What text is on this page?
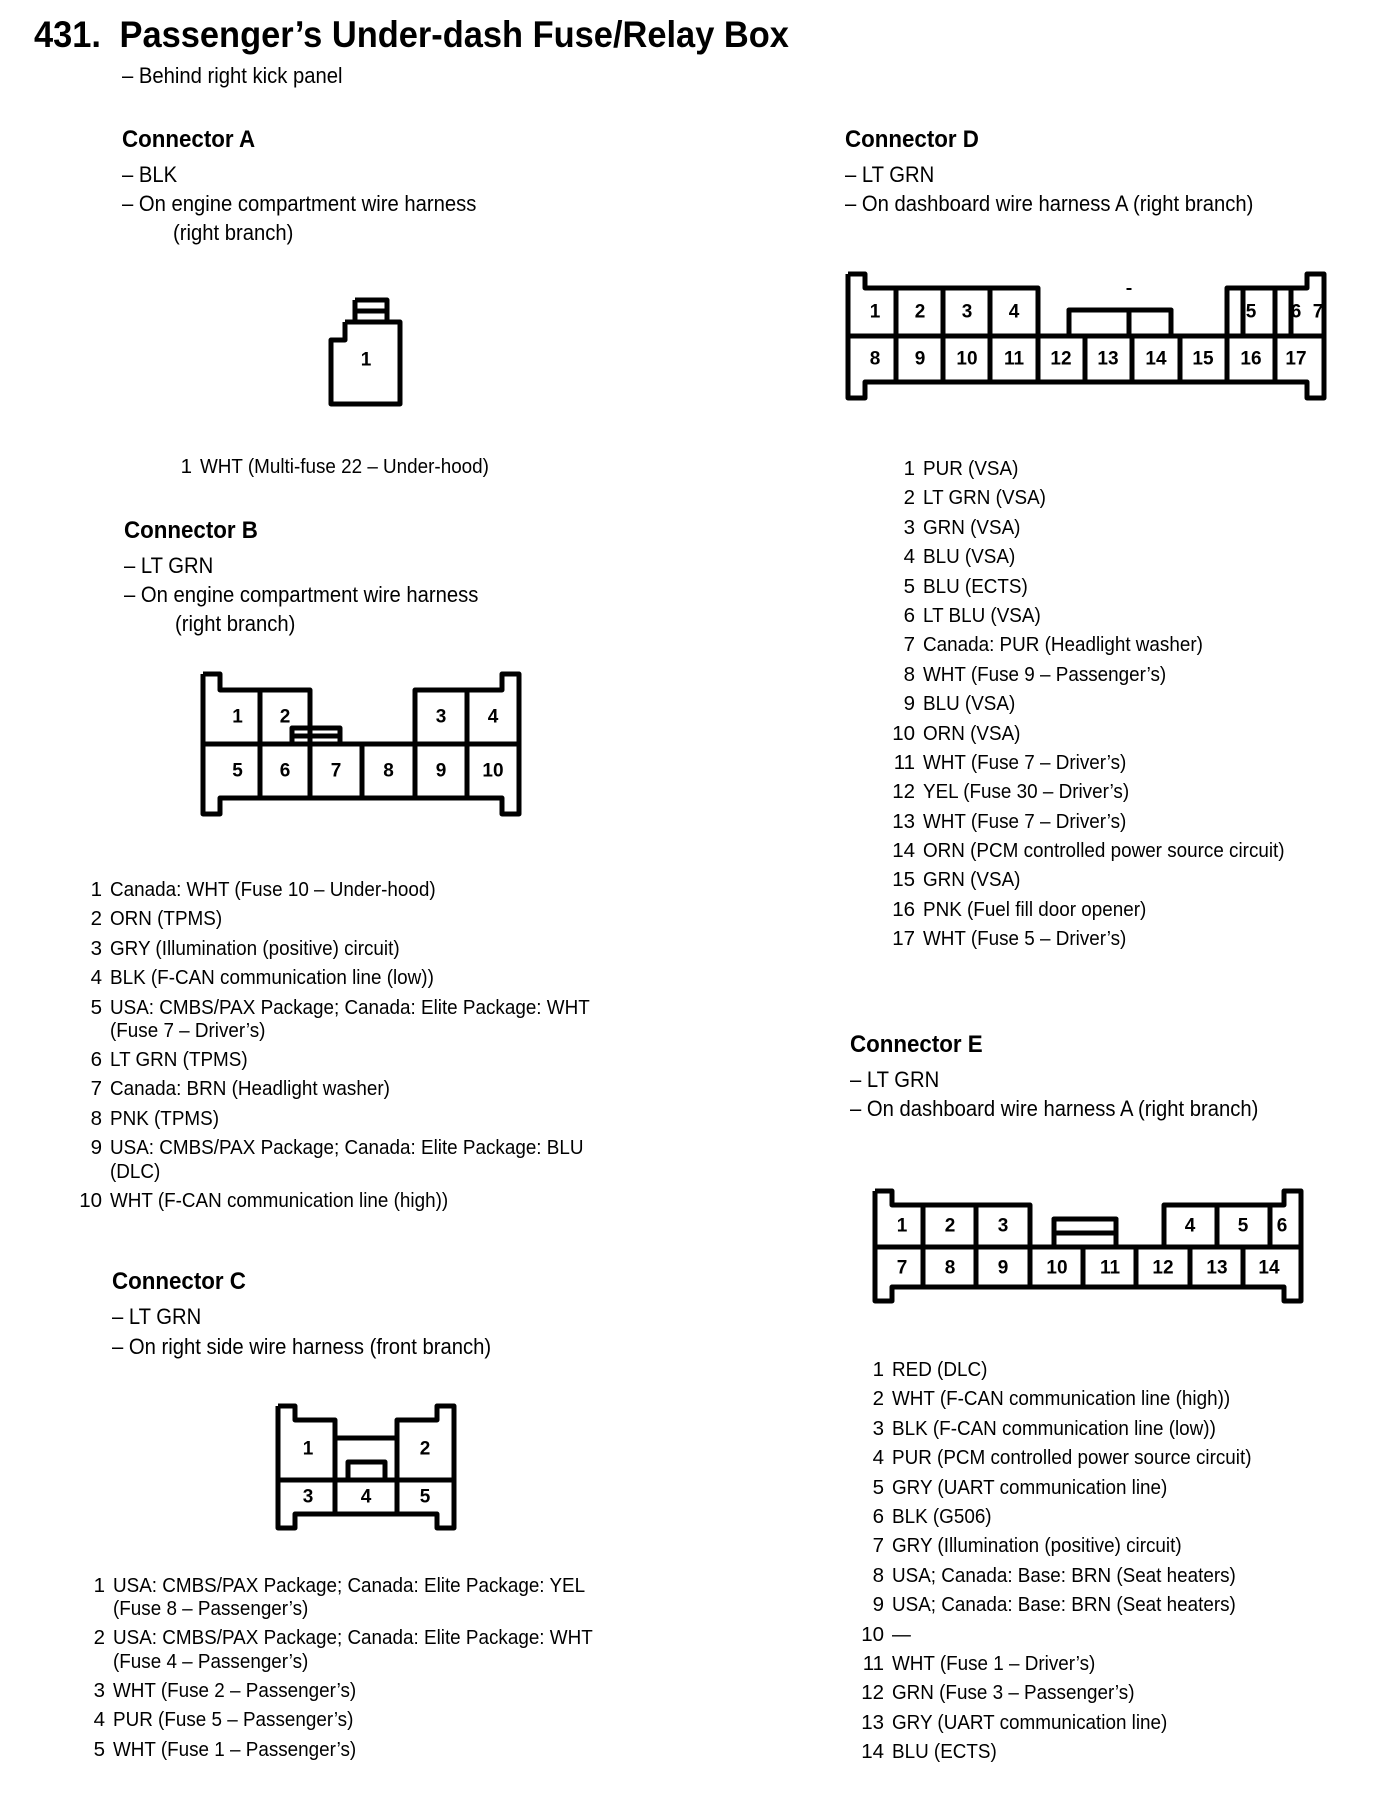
431. Passenger’s Under-dash Fuse/Relay Box
– Behind right kick panel
Connector A
– BLK
– On engine compartment wire harness
(right branch)
1
1 WHT (Multi-fuse 22 – Under-hood)
Connector B
– LT GRN
– On engine compartment wire harness
(right branch)
1 2	3 4
5 6 7 8 9 10
1 Canada: WHT (Fuse 10 – Under-hood)
2 ORN (TPMS)
3 GRY (Illumination (positive) circuit)
4 BLK (F-CAN communication line (low))
5 USA: CMBS/PAX Package; Canada: Elite Package: WHT
(Fuse 7 – Driver’s)
6 LT GRN (TPMS)
7 Canada: BRN (Headlight washer)
8 PNK (TPMS)
9 USA: CMBS/PAX Package; Canada: Elite Package: BLU
(DLC)
10 WHT (F-CAN communication line (high))
Connector C
– LT GRN
– On right side wire harness (front branch)
1	2
3 4	5
1 USA: CMBS/PAX Package; Canada: Elite Package: YEL
(Fuse 8 – Passenger’s)
2 USA: CMBS/PAX Package; Canada: Elite Package: WHT
(Fuse 4 – Passenger’s)
3 WHT (Fuse 2 – Passenger’s)
4 PUR (Fuse 5 – Passenger’s)
5 WHT (Fuse 1 – Passenger’s)
Connector D
– LT GRN
– On dashboard wire harness A (right branch)
1 2 3 4	5 6 7
8 9 10 11 12 13 14 15 16 17
1 PUR (VSA)
2 LT GRN (VSA)
3 GRN (VSA)
4 BLU (VSA)
5 BLU (ECTS)
6 LT BLU (VSA)
7 Canada: PUR (Headlight washer)
8 WHT (Fuse 9 – Passenger’s)
9 BLU (VSA)
10 ORN (VSA)
11 WHT (Fuse 7 – Driver’s)
12 YEL (Fuse 30 – Driver’s)
13 WHT (Fuse 7 – Driver’s)
14 ORN (PCM controlled power source circuit)
15 GRN (VSA)
16 PNK (Fuel fill door opener)
17 WHT (Fuse 5 – Driver’s)
Connector E
– LT GRN
– On dashboard wire harness A (right branch)
1 2 3	4 5 6
7 8 9 10 11 12 13 14
1 RED (DLC)
2 WHT (F-CAN communication line (high))
3 BLK (F-CAN communication line (low))
4 PUR (PCM controlled power source circuit)
5 GRY (UART communication line)
6 BLK (G506)
7 GRY (Illumination (positive) circuit)
8 USA; Canada: Base: BRN (Seat heaters)
9 USA; Canada: Base: BRN (Seat heaters)
10 —
11 WHT (Fuse 1 – Driver’s)
12 GRN (Fuse 3 – Passenger’s)
13 GRY (UART communication line)
14 BLU (ECTS)
